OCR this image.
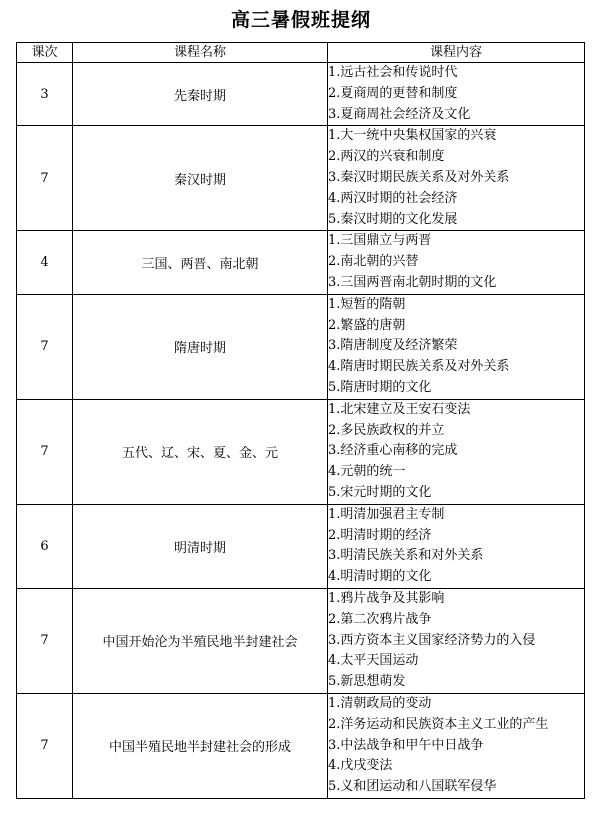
高三暑假班提纲
课次	课程名称	课程内容
3	先秦时期	1.远古社会和传说时代
2.夏商周的更替和制度
3.夏商周社会经济及文化

7	秦汉时期	1.大一统中央集权国家的兴衰
2.两汉的兴衰和制度
3.秦汉时期民族关系及对外关系
4.两汉时期的社会经济
5.秦汉时期的文化发展

4	三国、两晋、南北朝	1.三国鼎立与两晋
2.南北朝的兴替
3.三国两晋南北朝时期的文化

7	隋唐时期	1.短暂的隋朝
2.繁盛的唐朝
3.隋唐制度及经济繁荣
4.隋唐时期民族关系及对外关系
5.隋唐时期的文化

7	五代、辽、宋、夏、金、元	1.北宋建立及王安石变法
2.多民族政权的并立
3.经济重心南移的完成
4.元朝的统一
5.宋元时期的文化

6	明清时期	1.明清加强君主专制
2.明清时期的经济
3.明清民族关系和对外关系
4.明清时期的文化

7	中国开始沦为半殖民地半封建社会	1.鸦片战争及其影响
2.第二次鸦片战争
3.西方资本主义国家经济势力的入侵
4.太平天国运动
5.新思想萌发

7	中国半殖民地半封建社会的形成	1.清朝政局的变动
2.洋务运动和民族资本主义工业的产生
3.中法战争和甲午中日战争
4.戊戌变法
5.义和团运动和八国联军侵华
